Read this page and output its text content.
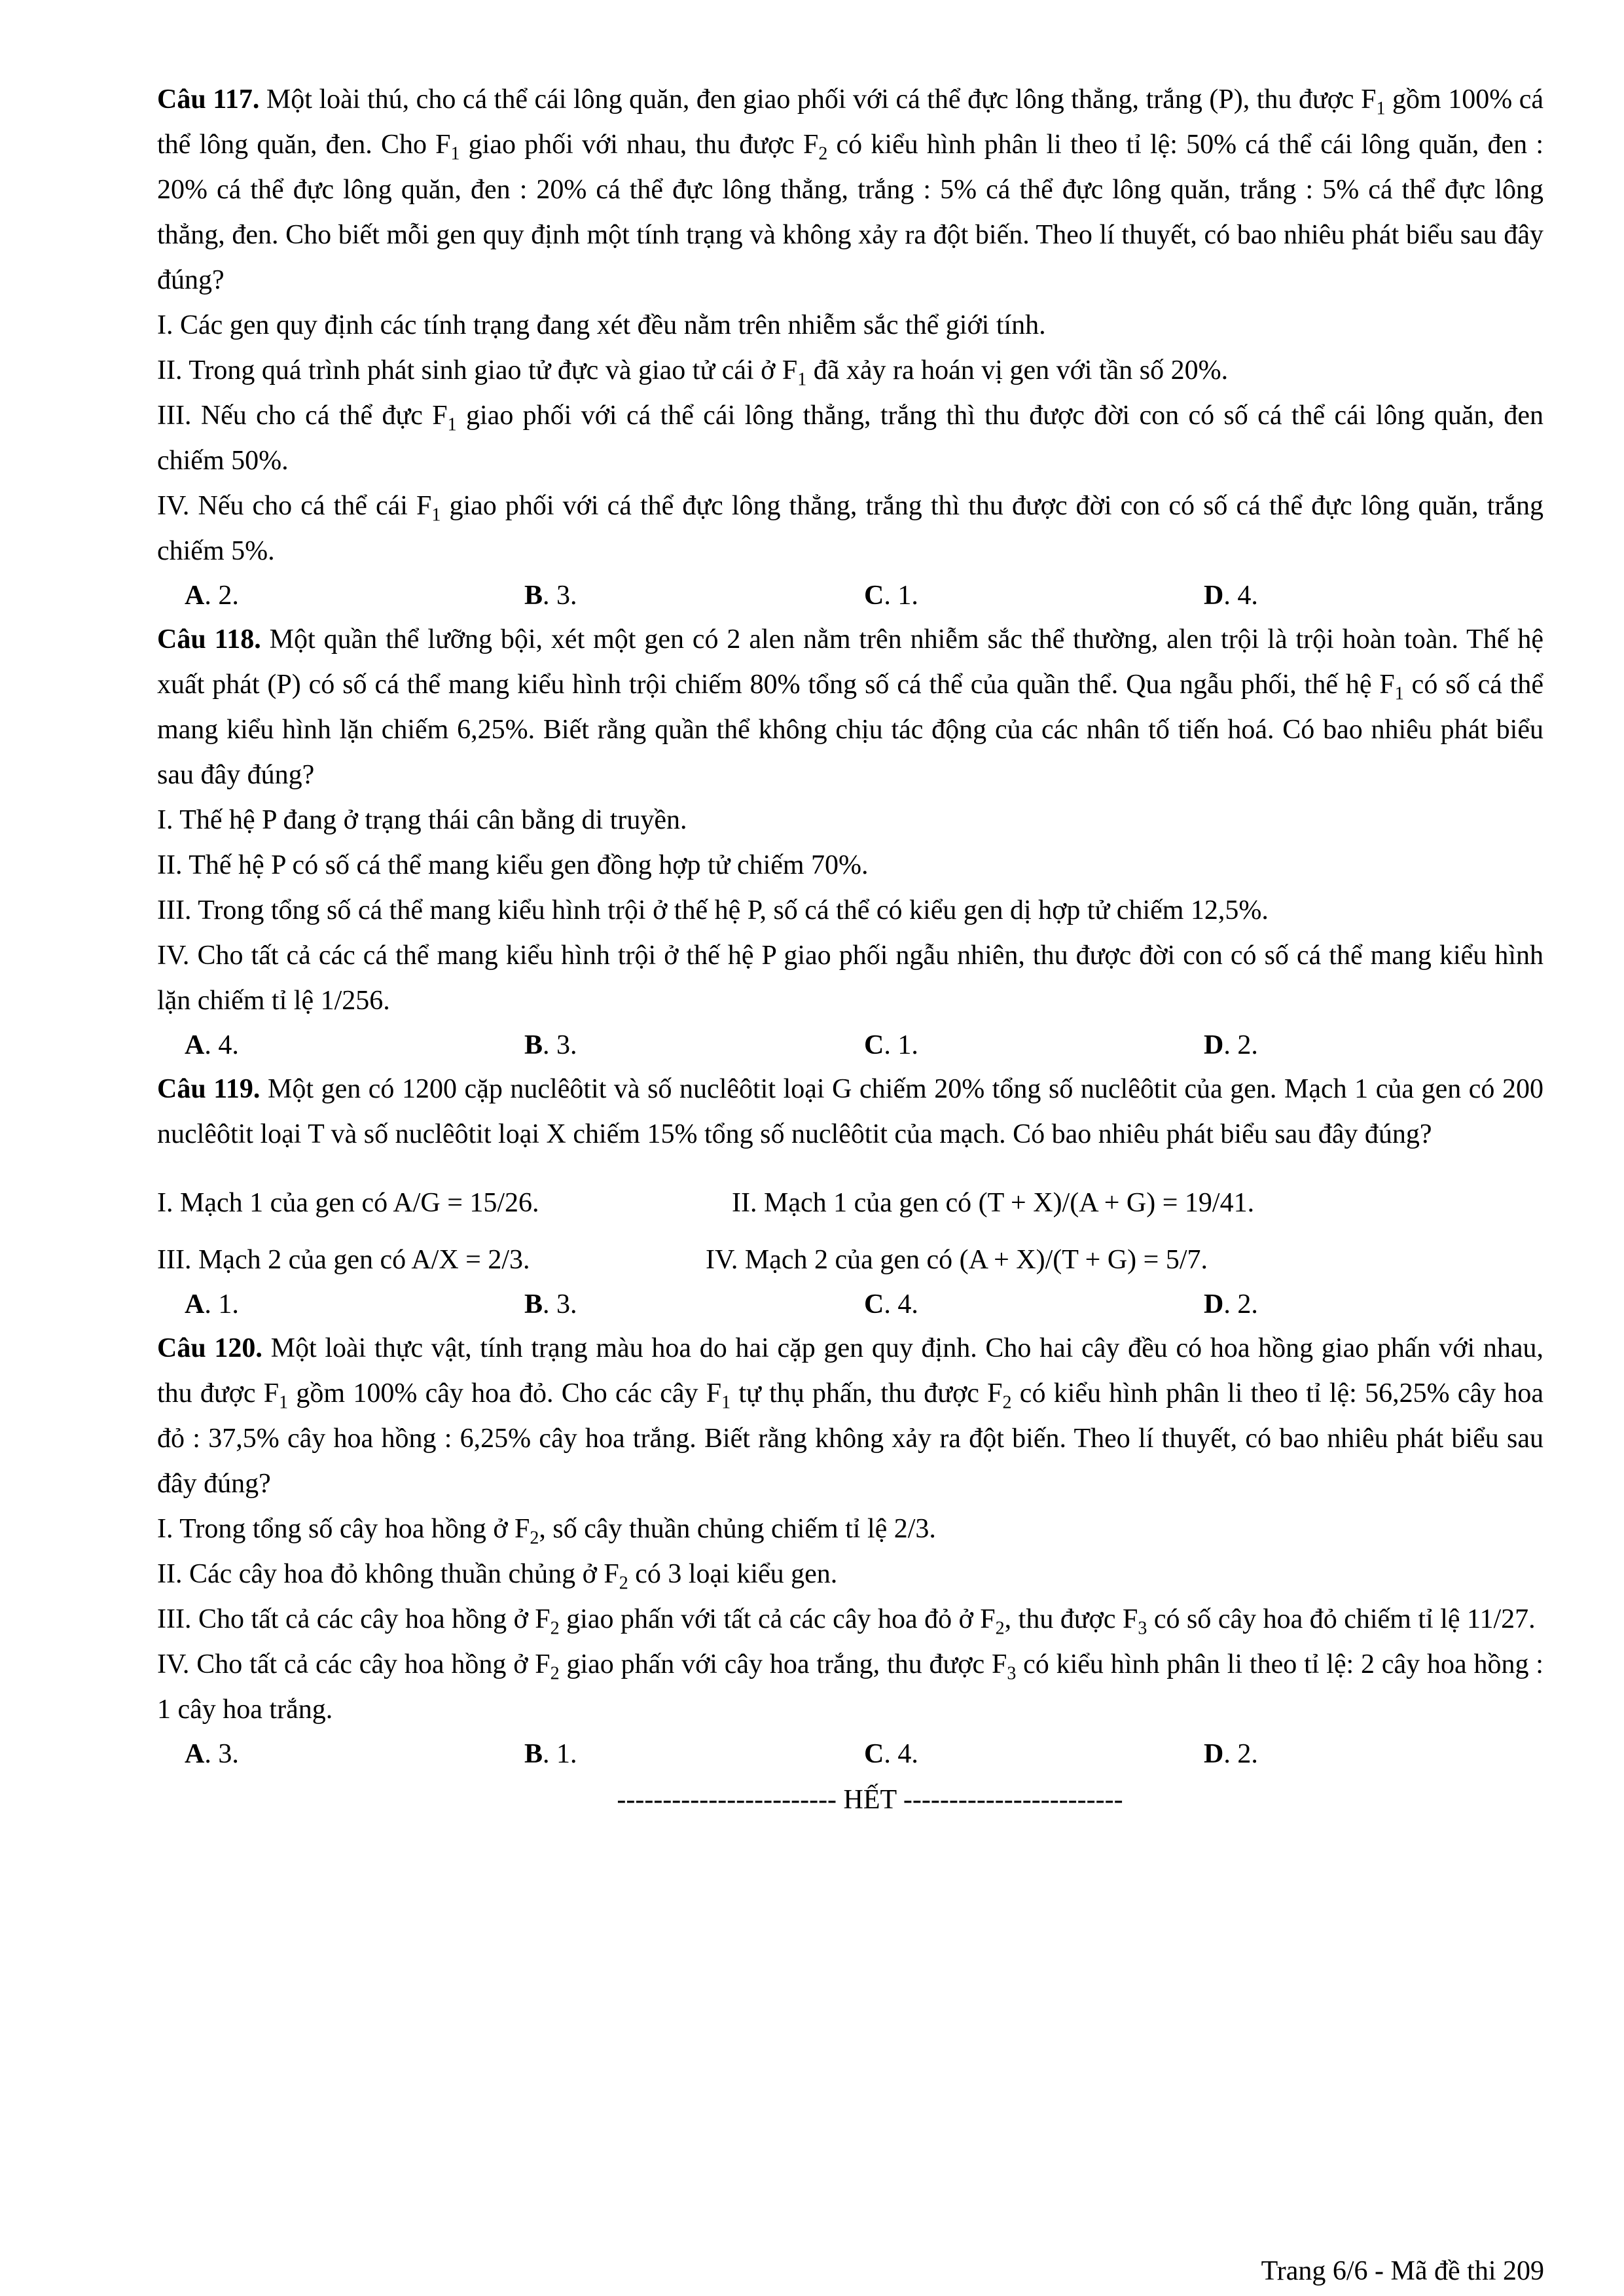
Câu 117. Một loài thú, cho cá thể cái lông quăn, đen giao phối với cá thể đực lông thẳng, trắng (P), thu được $F_1$ gồm 100% cá thể lông quăn, đen. Cho $F_1$ giao phối với nhau, thu được $F_2$ có kiểu hình phân li theo tỉ lệ: 50% cá thể cái lông quăn, đen : 20% cá thể đực lông quăn, đen : 20% cá thể đực lông thẳng, trắng : 5% cá thể đực lông quăn, trắng : 5% cá thể đực lông thẳng, đen. Cho biết mỗi gen quy định một tính trạng và không xảy ra đột biến. Theo lí thuyết, có bao nhiêu phát biểu sau đây đúng?
I. Các gen quy định các tính trạng đang xét đều nằm trên nhiễm sắc thể giới tính.
II. Trong quá trình phát sinh giao tử đực và giao tử cái ở $F_1$ đã xảy ra hoán vị gen với tần số 20%.
III. Nếu cho cá thể đực $F_1$ giao phối với cá thể cái lông thẳng, trắng thì thu được đời con có số cá thể cái lông quăn, đen chiếm 50%.
IV. Nếu cho cá thể cái $F_1$ giao phối với cá thể đực lông thẳng, trắng thì thu được đời con có số cá thể đực lông quăn, trắng chiếm 5%.
A. 2.	B. 3.	C. 1.	D. 4.
Câu 118. Một quần thể lưỡng bội, xét một gen có 2 alen nằm trên nhiễm sắc thể thường, alen trội là trội hoàn toàn. Thế hệ xuất phát (P) có số cá thể mang kiểu hình trội chiếm 80% tổng số cá thể của quần thể. Qua ngẫu phối, thế hệ $F_1$ có số cá thể mang kiểu hình lặn chiếm 6,25%. Biết rằng quần thể không chịu tác động của các nhân tố tiến hoá. Có bao nhiêu phát biểu sau đây đúng?
I. Thế hệ P đang ở trạng thái cân bằng di truyền.
II. Thế hệ P có số cá thể mang kiểu gen đồng hợp tử chiếm 70%.
III. Trong tổng số cá thể mang kiểu hình trội ở thế hệ P, số cá thể có kiểu gen dị hợp tử chiếm 12,5%.
IV. Cho tất cả các cá thể mang kiểu hình trội ở thế hệ P giao phối ngẫu nhiên, thu được đời con có số cá thể mang kiểu hình lặn chiếm tỉ lệ 1/256.
A. 4.	B. 3.	C. 1.	D. 2.
Câu 119. Một gen có 1200 cặp nuclêôtit và số nuclêôtit loại G chiếm 20% tổng số nuclêôtit của gen. Mạch 1 của gen có 200 nuclêôtit loại T và số nuclêôtit loại X chiếm 15% tổng số nuclêôtit của mạch. Có bao nhiêu phát biểu sau đây đúng?
I. Mạch 1 của gen có A/G = 15/26.	II. Mạch 1 của gen có (T + X)/(A + G) = 19/41.
III. Mạch 2 của gen có A/X = 2/3.	IV. Mạch 2 của gen có (A + X)/(T + G) = 5/7.
A. 1.	B. 3.	C. 4.	D. 2.
Câu 120. Một loài thực vật, tính trạng màu hoa do hai cặp gen quy định. Cho hai cây đều có hoa hồng giao phấn với nhau, thu được $F_1$ gồm 100% cây hoa đỏ. Cho các cây $F_1$ tự thụ phấn, thu được $F_2$ có kiểu hình phân li theo tỉ lệ: 56,25% cây hoa đỏ : 37,5% cây hoa hồng : 6,25% cây hoa trắng. Biết rằng không xảy ra đột biến. Theo lí thuyết, có bao nhiêu phát biểu sau đây đúng?
I. Trong tổng số cây hoa hồng ở $F_2$, số cây thuần chủng chiếm tỉ lệ 2/3.
II. Các cây hoa đỏ không thuần chủng ở $F_2$ có 3 loại kiểu gen.
III. Cho tất cả các cây hoa hồng ở $F_2$ giao phấn với tất cả các cây hoa đỏ ở $F_2$, thu được $F_3$ có số cây hoa đỏ chiếm tỉ lệ 11/27.
IV. Cho tất cả các cây hoa hồng ở $F_2$ giao phấn với cây hoa trắng, thu được $F_3$ có kiểu hình phân li theo tỉ lệ: 2 cây hoa hồng : 1 cây hoa trắng.
A. 3.	B. 1.	C. 4.	D. 2.
------------------------ HẾT ------------------------
Trang 6/6 - Mã đề thi 209
